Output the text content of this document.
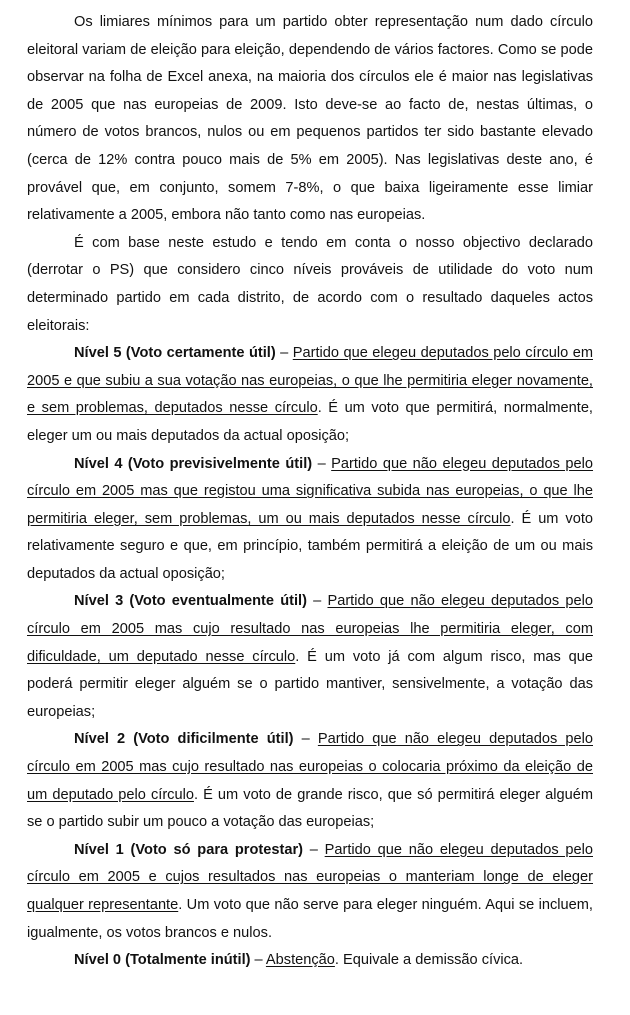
Os limiares mínimos para um partido obter representação num dado círculo eleitoral variam de eleição para eleição, dependendo de vários factores. Como se pode observar na folha de Excel anexa, na maioria dos círculos ele é maior nas legislativas de 2005 que nas europeias de 2009. Isto deve-se ao facto de, nestas últimas, o número de votos brancos, nulos ou em pequenos partidos ter sido bastante elevado (cerca de 12% contra pouco mais de 5% em 2005). Nas legislativas deste ano, é provável que, em conjunto, somem 7-8%, o que baixa ligeiramente esse limiar relativamente a 2005, embora não tanto como nas europeias.

É com base neste estudo e tendo em conta o nosso objectivo declarado (derrotar o PS) que considero cinco níveis prováveis de utilidade do voto num determinado partido em cada distrito, de acordo com o resultado daqueles actos eleitorais:

Nível 5 (Voto certamente útil) – Partido que elegeu deputados pelo círculo em 2005 e que subiu a sua votação nas europeias, o que lhe permitiria eleger novamente, e sem problemas, deputados nesse círculo. É um voto que permitirá, normalmente, eleger um ou mais deputados da actual oposição;

Nível 4 (Voto previsivelmente útil) – Partido que não elegeu deputados pelo círculo em 2005 mas que registou uma significativa subida nas europeias, o que lhe permitiria eleger, sem problemas, um ou mais deputados nesse círculo. É um voto relativamente seguro e que, em princípio, também permitirá a eleição de um ou mais deputados da actual oposição;

Nível 3 (Voto eventualmente útil) – Partido que não elegeu deputados pelo círculo em 2005 mas cujo resultado nas europeias lhe permitiria eleger, com dificuldade, um deputado nesse círculo. É um voto já com algum risco, mas que poderá permitir eleger alguém se o partido mantiver, sensivelmente, a votação das europeias;

Nível 2 (Voto dificilmente útil) – Partido que não elegeu deputados pelo círculo em 2005 mas cujo resultado nas europeias o colocaria próximo da eleição de um deputado pelo círculo. É um voto de grande risco, que só permitirá eleger alguém se o partido subir um pouco a votação das europeias;

Nível 1 (Voto só para protestar) – Partido que não elegeu deputados pelo círculo em 2005 e cujos resultados nas europeias o manteriam longe de eleger qualquer representante. Um voto que não serve para eleger ninguém. Aqui se incluem, igualmente, os votos brancos e nulos.

Nível 0 (Totalmente inútil) – Abstenção. Equivale a demissão cívica.
